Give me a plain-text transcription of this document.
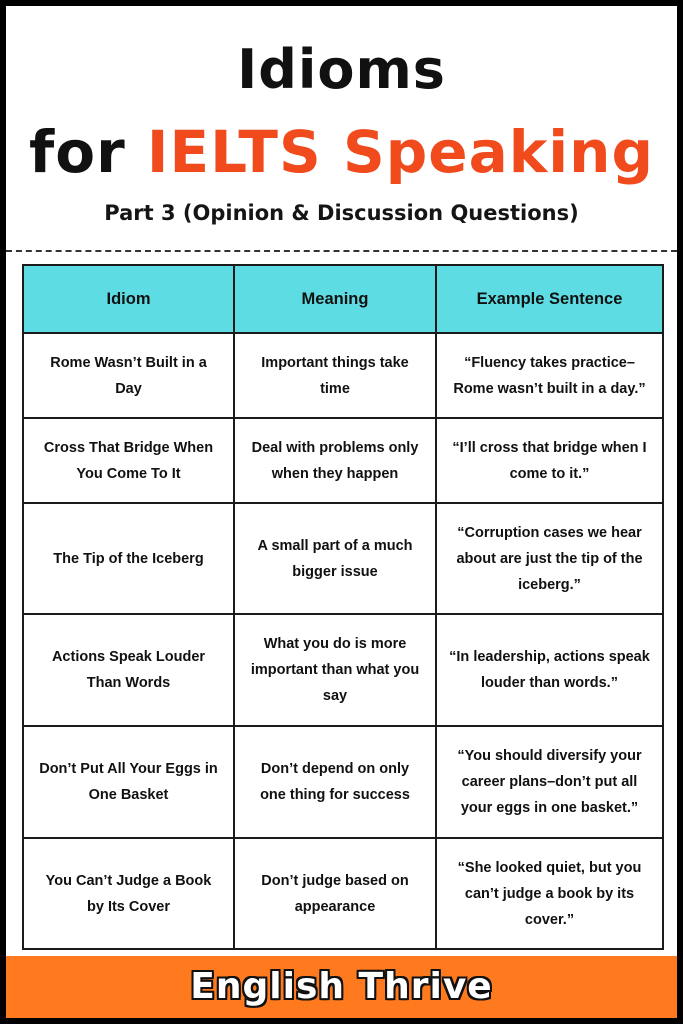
Idioms
for IELTS Speaking
Part 3 (Opinion & Discussion Questions)
Idiom	Meaning	Example Sentence
Rome Wasn’t Built in a Day	Important things take time	“Fluency takes practice–Rome wasn’t built in a day.”
Cross That Bridge When You Come To It	Deal with problems only when they happen	“I’ll cross that bridge when I come to it.”
The Tip of the Iceberg	A small part of a much bigger issue	“Corruption cases we hear about are just the tip of the iceberg.”
Actions Speak Louder Than Words	What you do is more important than what you say	“In leadership, actions speak louder than words.”
Don’t Put All Your Eggs in One Basket	Don’t depend on only one thing for success	“You should diversify your career plans–don’t put all your eggs in one basket.”
You Can’t Judge a Book by Its Cover	Don’t judge based on appearance	“She looked quiet, but you can’t judge a book by its cover.”
English Thrive
